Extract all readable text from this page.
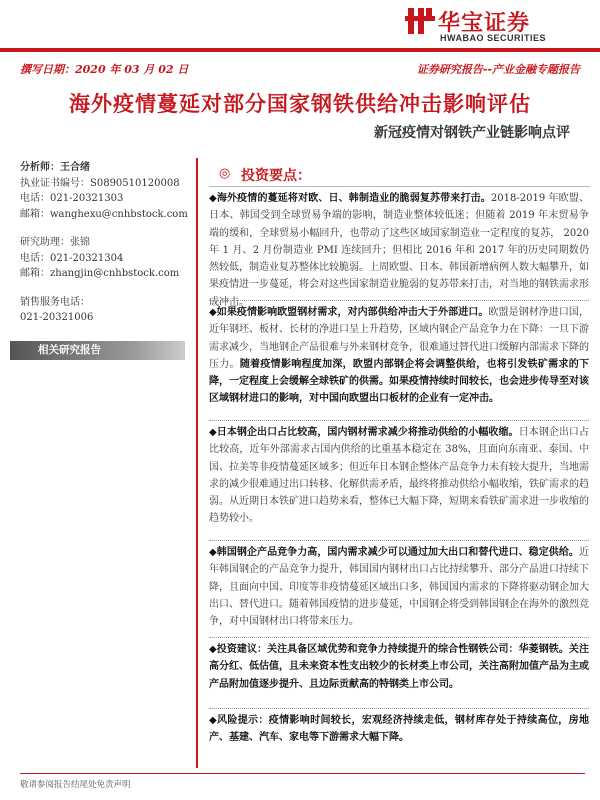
华宝证券
HWABAO SECURITIES
撰写日期：2020 年 03 月 02 日	证券研究报告--产业金融专题报告
海外疫情蔓延对部分国家钢铁供给冲击影响评估
新冠疫情对钢铁产业链影响点评
分析师：王合绪
执业证书编号：S0890510120008
电话：021-20321303
邮箱：wanghexu@cnhbstock.com
研究助理：张锦
电话：021-20321304
邮箱：zhangjin@cnhbstock.com
销售服务电话：
021-20321006
相关研究报告
◎ 投资要点：
◆海外疫情的蔓延将对欧、日、韩制造业的脆弱复苏带来打击。2018-2019 年欧盟、日本、韩国受到全球贸易争端的影响，制造业整体较低迷；但随着 2019 年末贸易争端的缓和，全球贸易小幅回升，也带动了这些区域国家制造业一定程度的复苏， 2020 年 1 月、2 月份制造业 PMI 连续回升；但相比 2016 年和 2017 年的历史同期数仍然较低，制造业复苏整体比较脆弱。上周欧盟、日本、韩国新增病例人数大幅攀升，如果疫情进一步蔓延，将会对这些国家制造业脆弱的复苏带来打击，对当地的钢铁需求形成冲击。
◆如果疫情影响欧盟钢材需求，对内部供给冲击大于外部进口。欧盟是钢材净进口国，近年钢坯、板材、长材的净进口呈上升趋势，区域内钢企产品竞争力在下降：一旦下游需求减少，当地钢企产品很难与外来钢材竞争，很难通过替代进口缓解内部需求下降的压力。随着疫情影响程度加深，欧盟内部钢企将会调整供给，也将引发铁矿需求的下降，一定程度上会缓解全球铁矿的供需。如果疫情持续时间较长，也会进步传导至对该区域钢材进口的影响，对中国向欧盟出口板材的企业有一定冲击。
◆日本钢企出口占比较高，国内钢材需求减少将推动供给的小幅收缩。日本钢企出口占比较高，近年外部需求占国内供给的比重基本稳定在 38%，且面向东南亚、泰国、中国、拉美等非疫情蔓延区域多；但近年日本钢企整体产品竞争力未有较大提升，当地需求的减少很难通过出口转移、化解供需矛盾，最终将推动供给小幅收缩，铁矿需求的趋弱。从近期日本铁矿进口趋势来看，整体已大幅下降，短期来看铁矿需求进一步收缩的趋势较小。
◆韩国钢企产品竞争力高，国内需求减少可以通过加大出口和替代进口、稳定供给。近年韩国钢企的产品竞争力提升，韩国国内钢材出口占比持续攀升、部分产品进口持续下降，且面向中国、印度等非疫情蔓延区域出口多，韩国国内需求的下降将驱动钢企加大出口、替代进口。随着韩国疫情的进步蔓延，中国钢企将受到韩国钢企在海外的激烈竞争，对中国钢材出口将带来压力。
◆投资建议：关注具备区域优势和竞争力持续提升的综合性钢铁公司：华菱钢铁。关注高分红、低估值，且未来资本性支出较少的长材类上市公司，关注高附加值产品为主或产品附加值逐步提升、且边际贡献高的特钢类上市公司。
◆风险提示：疫情影响时间较长，宏观经济持续走低，钢材库存处于持续高位，房地产、基建、汽车、家电等下游需求大幅下降。
敬请参阅报告结尾处免责声明
